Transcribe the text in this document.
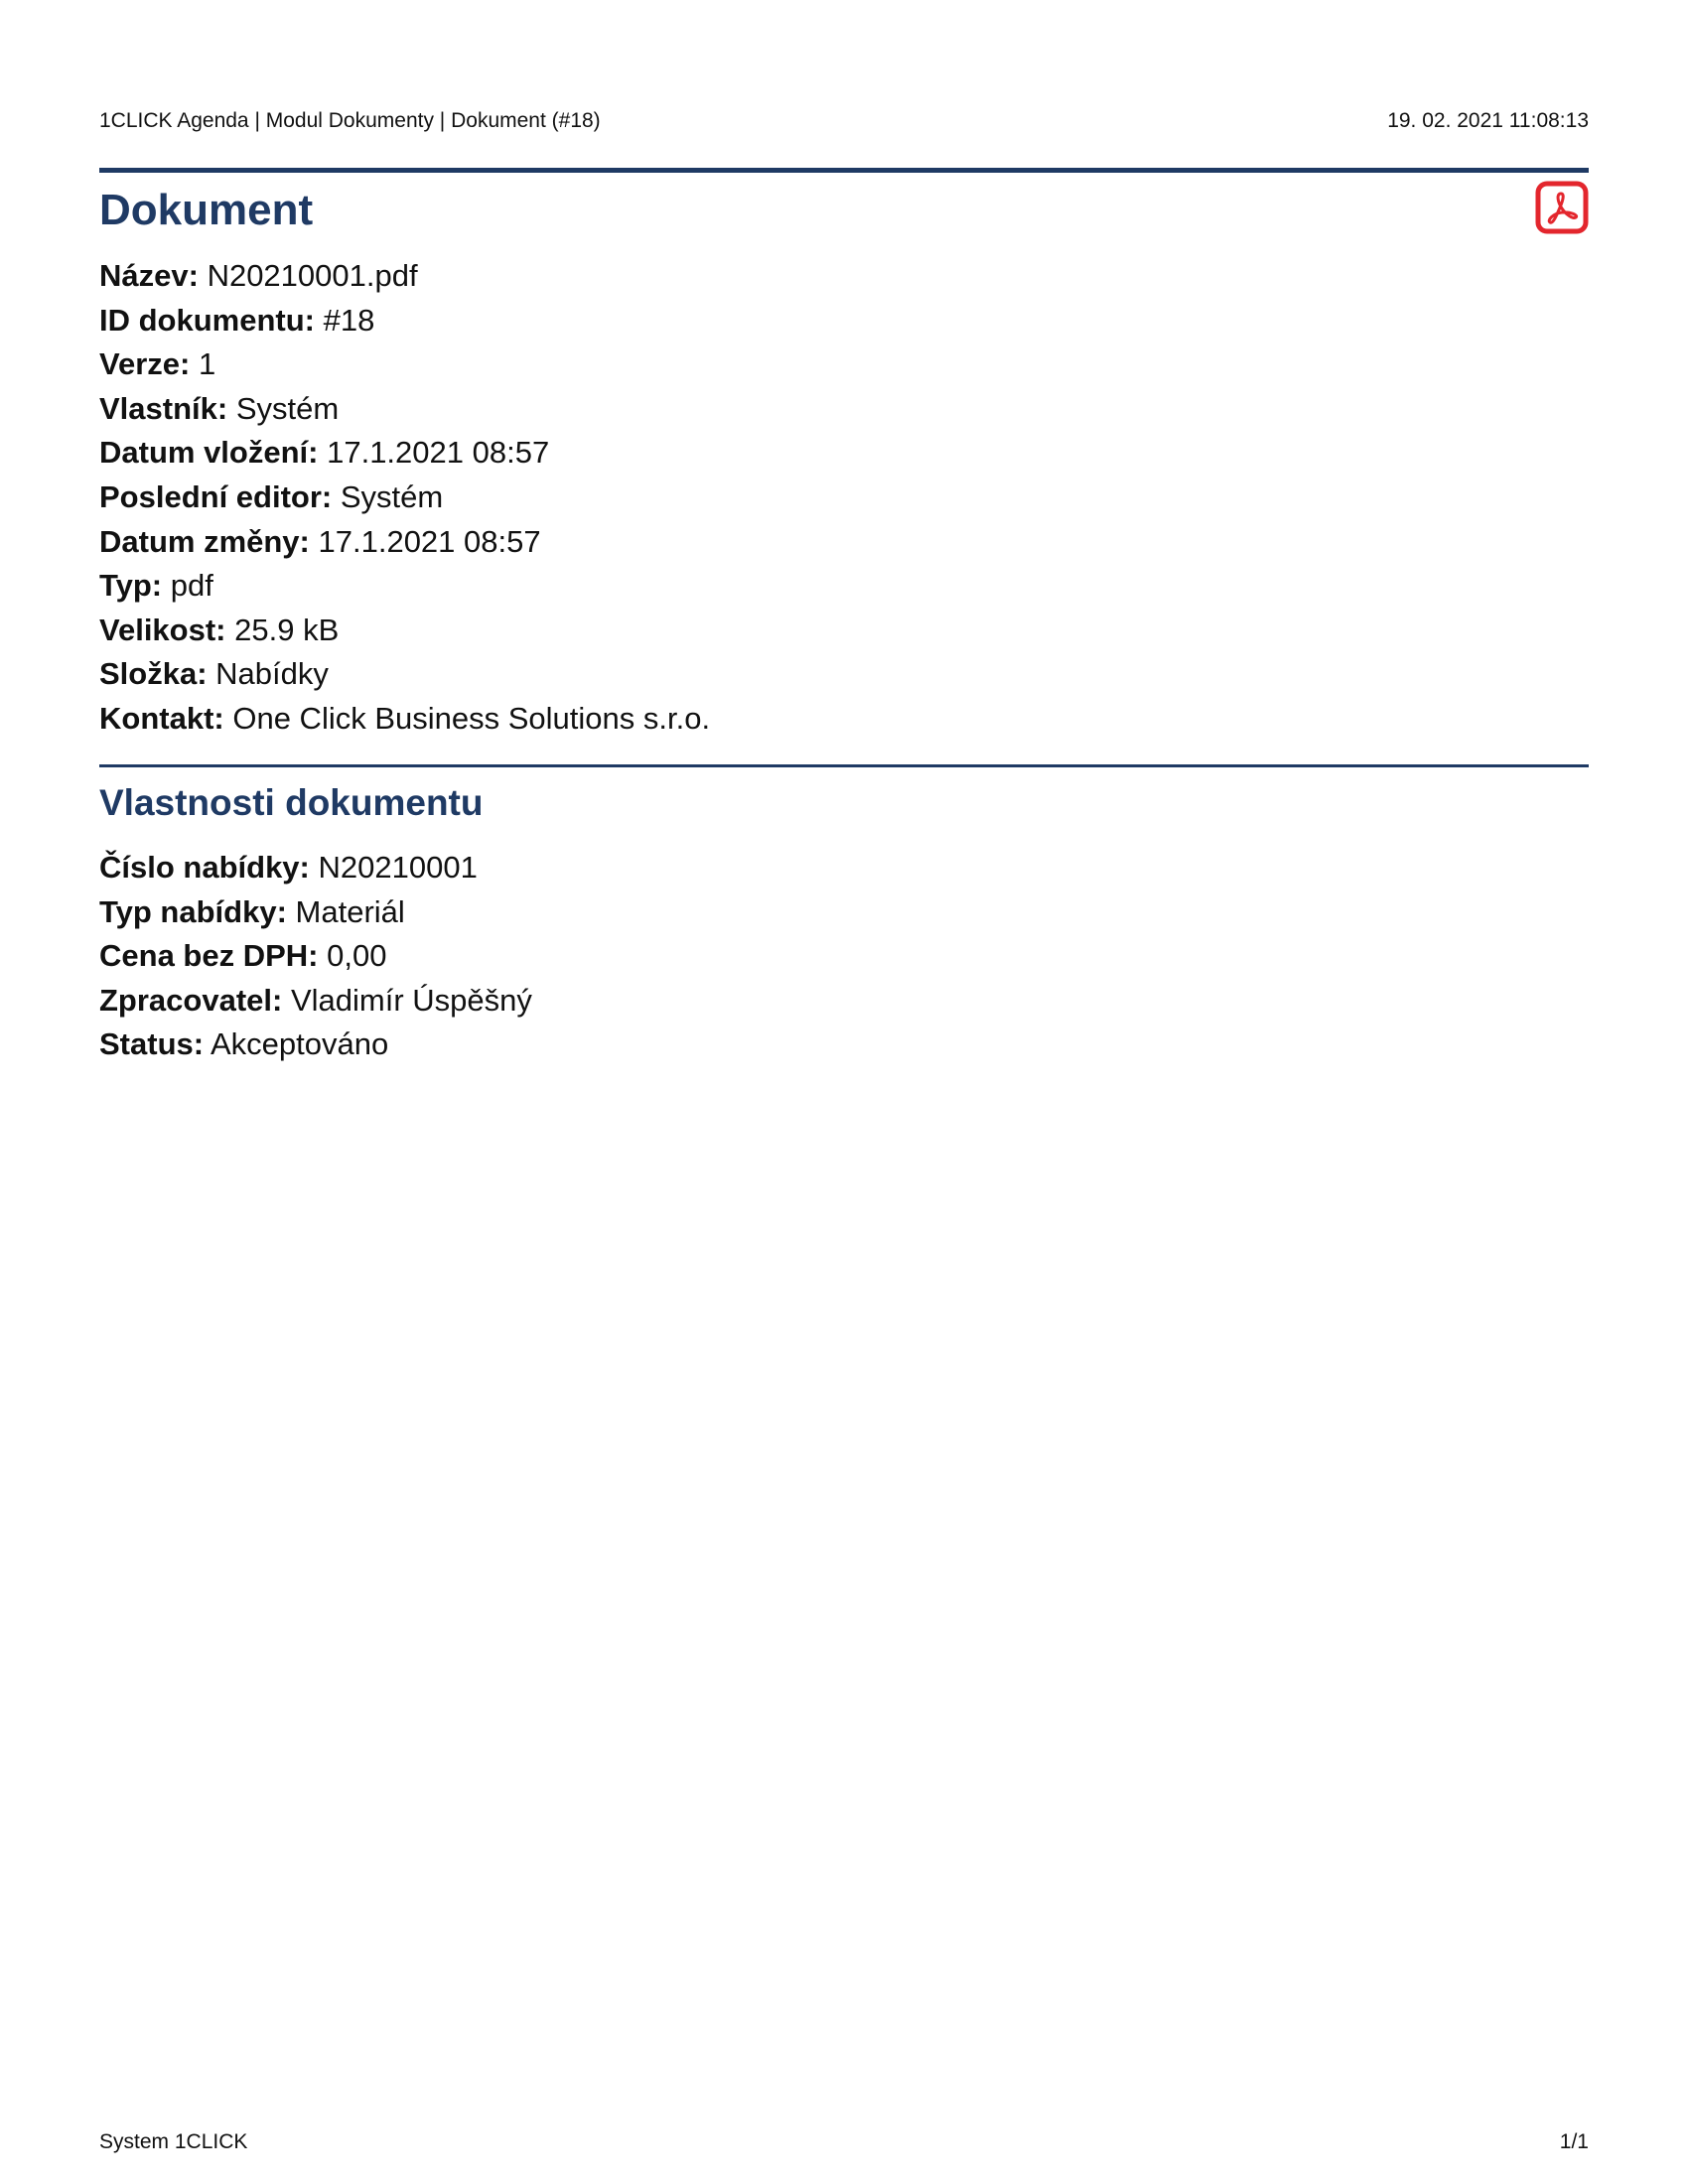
1CLICK Agenda | Modul Dokumenty | Dokument (#18)	19. 02. 2021 11:08:13
Dokument
Název: N20210001.pdf
ID dokumentu: #18
Verze: 1
Vlastník: Systém
Datum vložení: 17.1.2021 08:57
Poslední editor: Systém
Datum změny: 17.1.2021 08:57
Typ: pdf
Velikost: 25.9 kB
Složka: Nabídky
Kontakt: One Click Business Solutions s.r.o.
Vlastnosti dokumentu
Číslo nabídky: N20210001
Typ nabídky: Materiál
Cena bez DPH: 0,00
Zpracovatel: Vladimír Úspěšný
Status: Akceptováno
System 1CLICK	1/1
